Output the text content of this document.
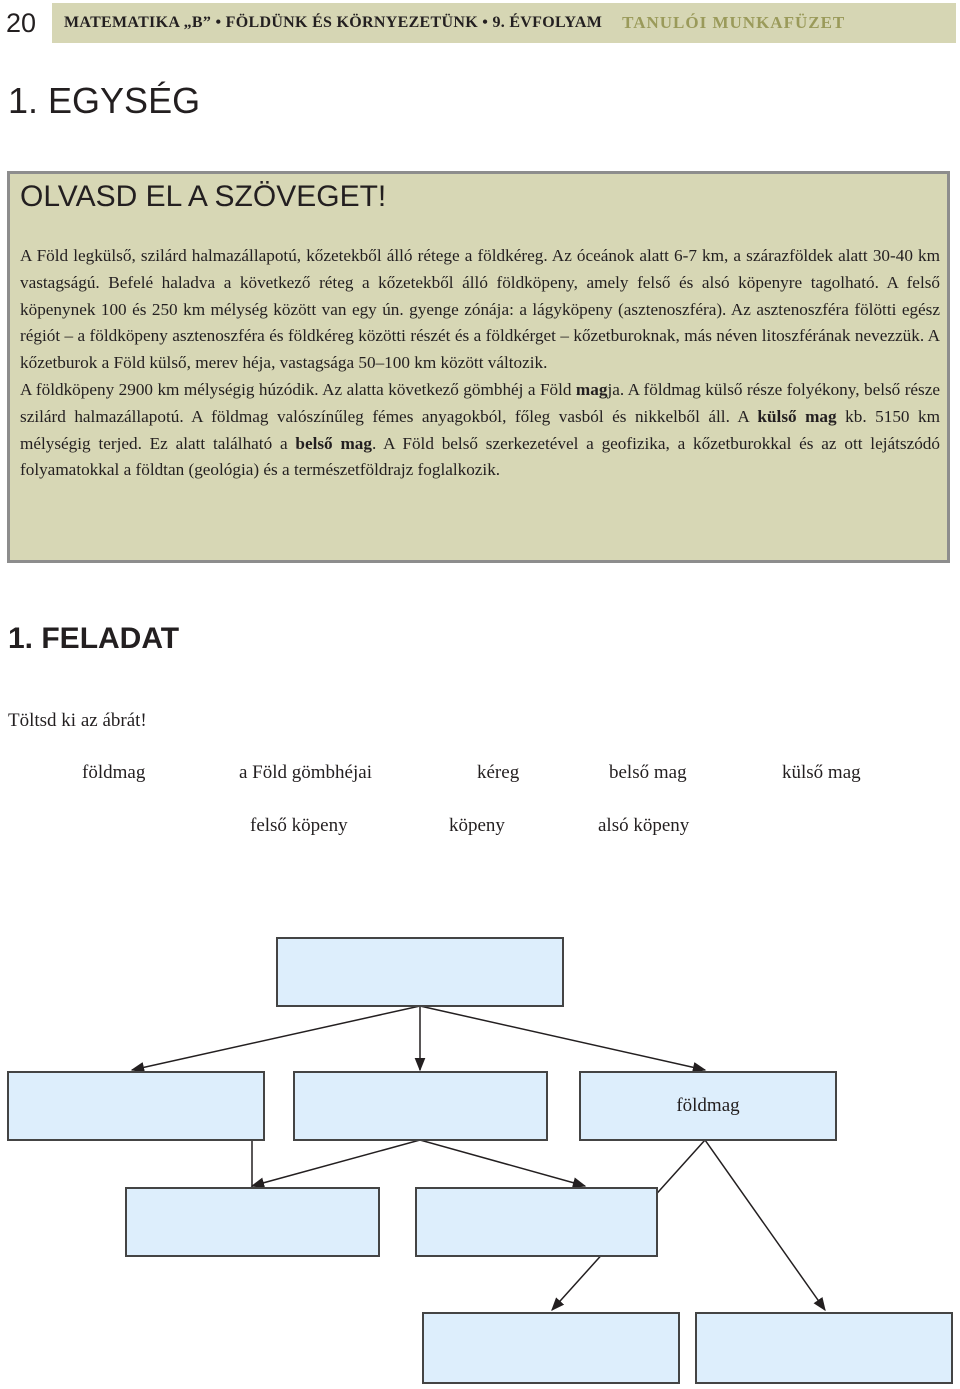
20	MATEMATIKA „B” • FÖLDÜNK ÉS KÖRNYEZETÜNK • 9. ÉVFOLYAM TANULÓI MUNKAFÜZET
1. EGYSÉG
OLVASD EL A SZÖVEGET!
A Föld legkülső, szilárd halmazállapotú, kőzetekből álló rétege a földkéreg. Az óceánok alatt 6-7 km, a szárazföldek alatt 30-40 km vastagságú. Befelé haladva a következő réteg a kőzetekből álló földköpeny, amely felső és alsó köpenyre tagolható. A felső köpenynek 100 és 250 km mélység között van egy ún. gyenge zónája: a lágyköpeny (asztenoszféra). Az asztenoszféra fölötti egész régiót – a földköpeny asztenoszféra és földkéreg közötti részét és a földkérget – kőzetburoknak, más néven litoszférának nevezzük. A kőzetburok a Föld külső, merev héja, vastagsága 50–100 km között változik.
A földköpeny 2900 km mélységig húzódik. Az alatta következő gömbhéj a Föld magja. A földmag külső része folyékony, belső része szilárd halmazállapotú. A földmag valószínűleg fémes anyagokból, főleg vasból és nikkelből áll. A külső mag kb. 5150 km mélységig terjed. Ez alatt található a belső mag. A Föld belső szerkezetével a geofizika, a kőzetburokkal és az ott lejátszódó folyamatokkal a földtan (geológia) és a természetföldrajz foglalkozik.
1. FELADAT
Töltsd ki az ábrát!
földmag	a Föld gömbhéjai	kéreg	belső mag	külső mag
felső köpeny	köpeny	alsó köpeny
földmag
